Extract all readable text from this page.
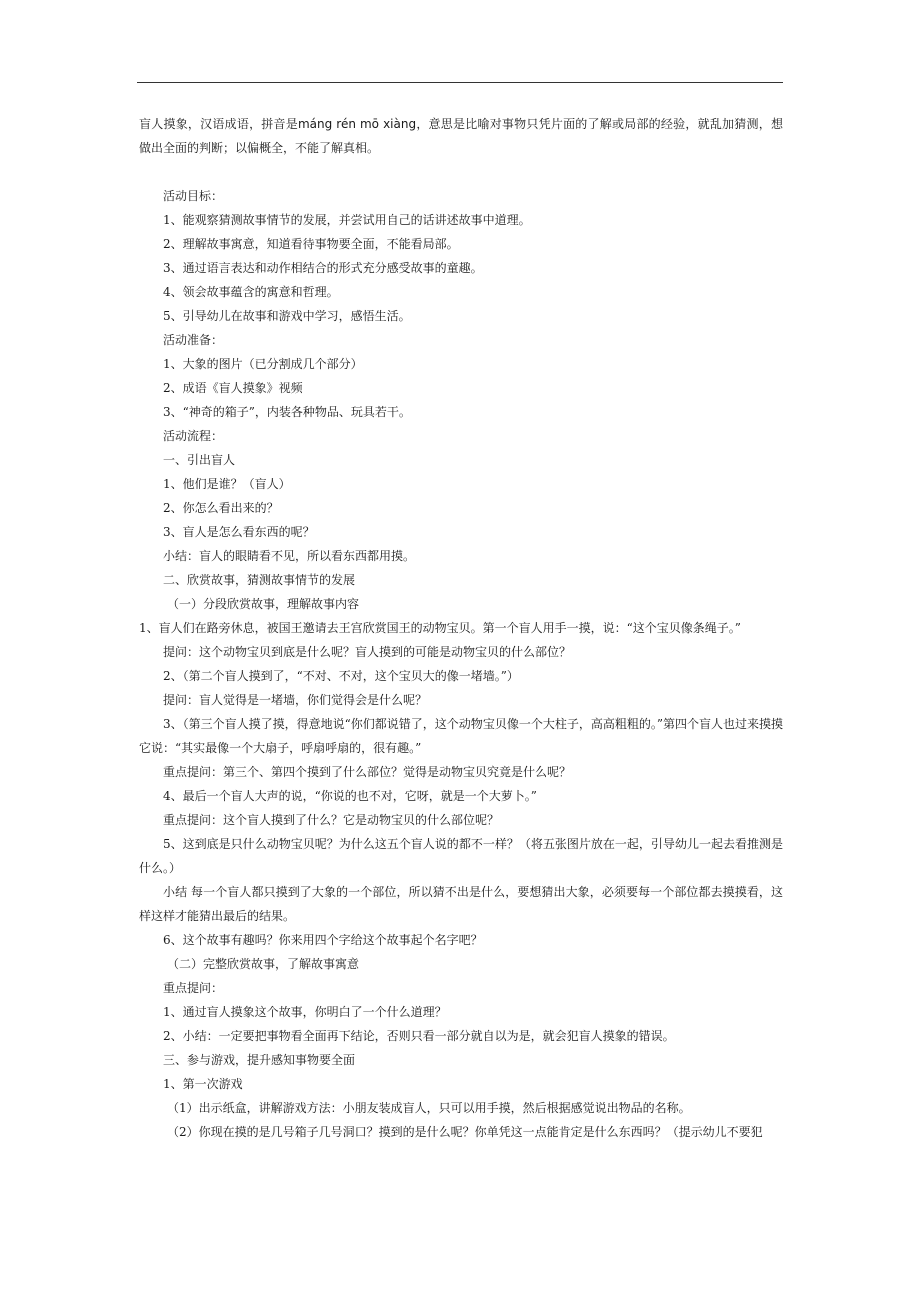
盲人摸象，汉语成语，拼音是máng rén mō xiàng，意思是比喻对事物只凭片面的了解或局部的经验，就乱加猜测，想做出全面的判断；以偏概全，不能了解真相。

活动目标：

1、能观察猜测故事情节的发展，并尝试用自己的话讲述故事中道理。

2、理解故事寓意，知道看待事物要全面，不能看局部。

3、通过语言表达和动作相结合的形式充分感受故事的童趣。

4、领会故事蕴含的寓意和哲理。

5、引导幼儿在故事和游戏中学习，感悟生活。

活动准备：

1、大象的图片（已分割成几个部分）

2、成语《盲人摸象》视频

3、“神奇的箱子”，内装各种物品、玩具若干。

活动流程：

一、引出盲人

1、他们是谁？（盲人）

2、你怎么看出来的？

3、盲人是怎么看东西的呢？

小结：盲人的眼睛看不见，所以看东西都用摸。

二、欣赏故事，猜测故事情节的发展

（一）分段欣赏故事，理解故事内容

1、盲人们在路旁休息，被国王邀请去王宫欣赏国王的动物宝贝。第一个盲人用手一摸，说：“这个宝贝像条绳子。”

提问：这个动物宝贝到底是什么呢？盲人摸到的可能是动物宝贝的什么部位？

2、（第二个盲人摸到了，“不对、不对，这个宝贝大的像一堵墙。”）

提问：盲人觉得是一堵墙，你们觉得会是什么呢？

3、（第三个盲人摸了摸，得意地说“你们都说错了，这个动物宝贝像一个大柱子，高高粗粗的。”第四个盲人也过来摸摸它说：“其实最像一个大扇子，呼扇呼扇的，很有趣。”

重点提问：第三个、第四个摸到了什么部位？觉得是动物宝贝究竟是什么呢？

4、最后一个盲人大声的说，“你说的也不对，它呀，就是一个大萝卜。”

重点提问：这个盲人摸到了什么？它是动物宝贝的什么部位呢？

5、这到底是只什么动物宝贝呢？为什么这五个盲人说的都不一样？（将五张图片放在一起，引导幼儿一起去看推测是什么。）

小结 每一个盲人都只摸到了大象的一个部位，所以猜不出是什么，要想猜出大象，必须要每一个部位都去摸摸看，这样这样才能猜出最后的结果。

6、这个故事有趣吗？你来用四个字给这个故事起个名字吧？

（二）完整欣赏故事，了解故事寓意

重点提问：

1、通过盲人摸象这个故事，你明白了一个什么道理？

2、小结：一定要把事物看全面再下结论，否则只看一部分就自以为是，就会犯盲人摸象的错误。

三、参与游戏，提升感知事物要全面

1、第一次游戏

（1）出示纸盒，讲解游戏方法：小朋友装成盲人，只可以用手摸，然后根据感觉说出物品的名称。

（2）你现在摸的是几号箱子几号洞口？摸到的是什么呢？你单凭这一点能肯定是什么东西吗？（提示幼儿不要犯
